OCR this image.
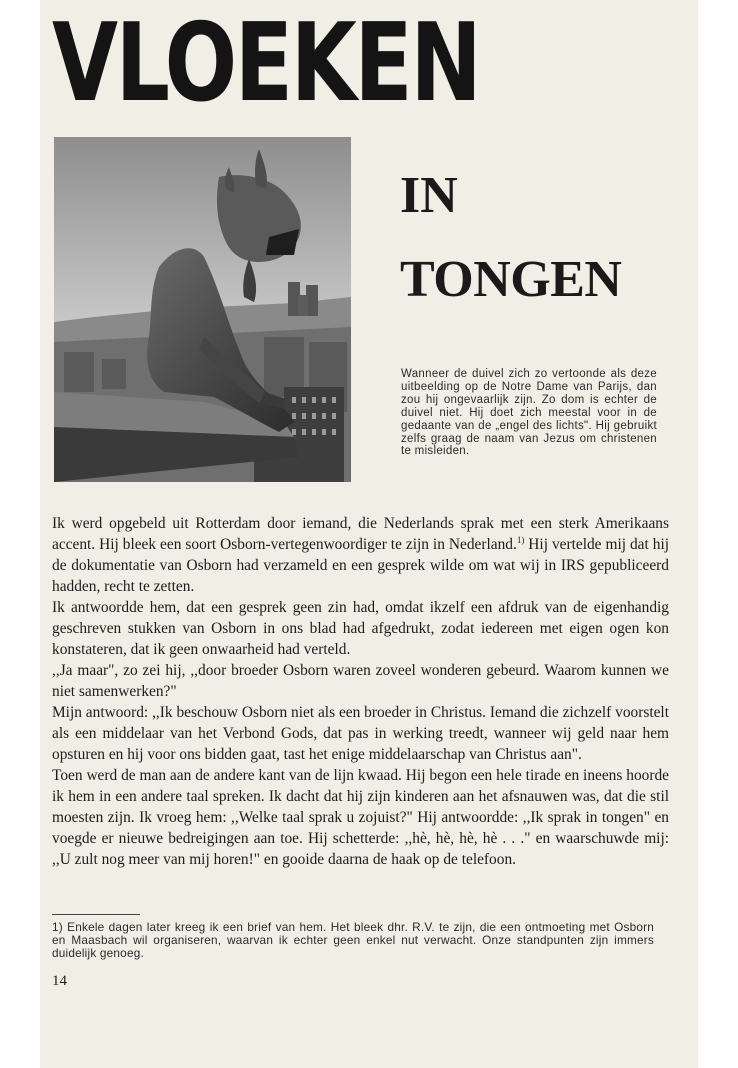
VLOEKEN
IN
TONGEN

Wanneer de duivel zich zo vertoonde als deze uitbeelding op de Notre Dame van Parijs, dan zou hij ongevaarlijk zijn. Zo dom is echter de duivel niet. Hij doet zich meestal voor in de gedaante van de „engel des lichts". Hij gebruikt zelfs graag de naam van Jezus om christenen te misleiden.

Ik werd opgebeld uit Rotterdam door iemand, die Nederlands sprak met een sterk Amerikaans accent. Hij bleek een soort Osborn-vertegenwoordiger te zijn in Nederland.$^{1)}$ Hij vertelde mij dat hij de dokumentatie van Osborn had verzameld en een gesprek wilde om wat wij in IRS gepubliceerd hadden, recht te zetten.

Ik antwoordde hem, dat een gesprek geen zin had, omdat ikzelf een afdruk van de eigenhandig geschreven stukken van Osborn in ons blad had afgedrukt, zodat iedereen met eigen ogen kon konstateren, dat ik geen onwaarheid had verteld.

,,Ja maar", zo zei hij, ,,door broeder Osborn waren zoveel wonderen gebeurd. Waarom kunnen we niet samenwerken?"

Mijn antwoord: ,,Ik beschouw Osborn niet als een broeder in Christus. Iemand die zichzelf voorstelt als een middelaar van het Verbond Gods, dat pas in werking treedt, wanneer wij geld naar hem opsturen en hij voor ons bidden gaat, tast het enige middelaarschap van Christus aan".

Toen werd de man aan de andere kant van de lijn kwaad. Hij begon een hele tirade en ineens hoorde ik hem in een andere taal spreken. Ik dacht dat hij zijn kinderen aan het afsnauwen was, dat die stil moesten zijn. Ik vroeg hem: ,,Welke taal sprak u zojuist?" Hij antwoordde: ,,Ik sprak in tongen" en voegde er nieuwe bedreigingen aan toe. Hij schetterde: ,,hè, hè, hè, hè . . ." en waarschuwde mij: ,,U zult nog meer van mij horen!" en gooide daarna de haak op de telefoon.

1) Enkele dagen later kreeg ik een brief van hem. Het bleek dhr. R.V. te zijn, die een ontmoeting met Osborn en Maasbach wil organiseren, waarvan ik echter geen enkel nut verwacht. Onze standpunten zijn immers duidelijk genoeg.

14
